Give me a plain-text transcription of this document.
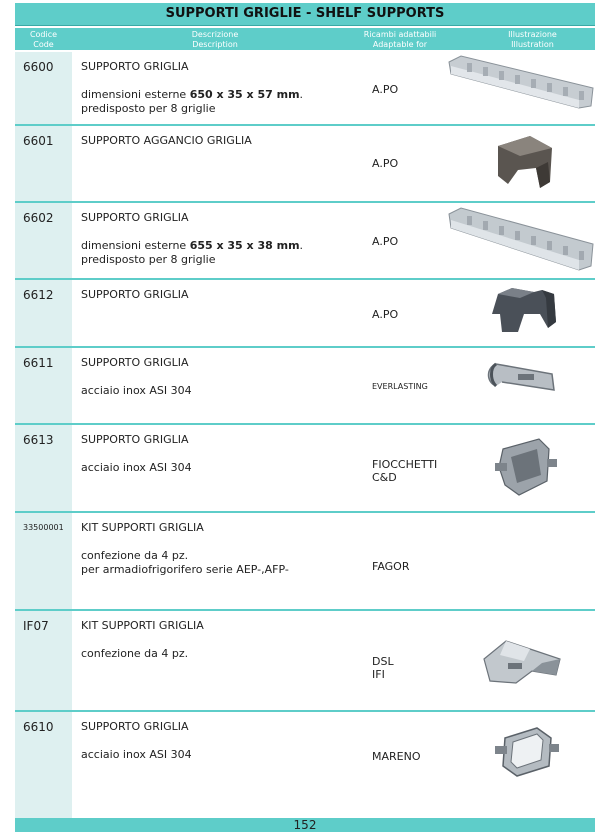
SUPPORTI GRIGLIE - SHELF SUPPORTS
Codice
Code
Descrizione
Description
Ricambi adattabili
Adaptable for
Illustrazione
Illustration
6600 SUPPORTO GRIGLIA
dimensioni esterne 650 x 35 x 57 mm.
predisposto per 8 griglie
A.PO
6601 SUPPORTO AGGANCIO GRIGLIA
A.PO
6602 SUPPORTO GRIGLIA
dimensioni esterne 655 x 35 x 38 mm.
predisposto per 8 griglie
A.PO
6612 SUPPORTO GRIGLIA
A.PO
6611 SUPPORTO GRIGLIA
acciaio inox ASI 304	EVERLASTING
6613 SUPPORTO GRIGLIA
acciaio inox ASI 304	FIOCCHETTI
C&D
33500001 KIT SUPPORTI GRIGLIA
confezione da 4 pz.
per armadiofrigorifero serie AEP-,AFP-	FAGOR
IF07	KIT SUPPORTI GRIGLIA
confezione da 4 pz.
DSL
IFI
6610 SUPPORTO GRIGLIA
acciaio inox ASI 304	MARENO
152
